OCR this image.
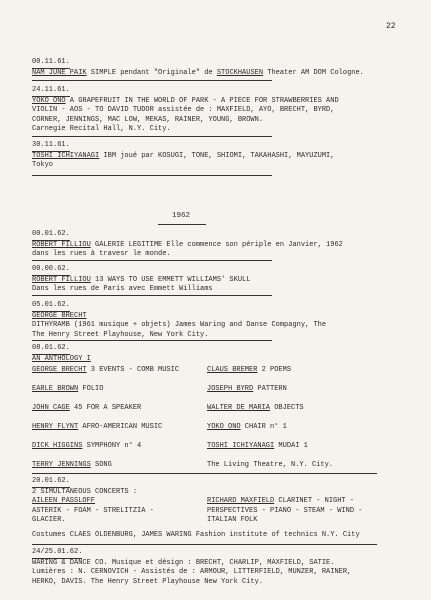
22

00.11.61.

NAM JUNE PAIK SIMPLE pendant "Originale" de STOCKHAUSEN Theater AM DOM Cologne.

24.11.61.

YOKO ONO A GRAPEFRUIT IN THE WORLD OF PARK - A PIECE FOR STRAWBERRIES AND

VIOLIN - AOS - TO DAVID TUDOR assistée de : MAXFIELD, AYO, BRECHT, BYRD,

CORNER, JENNINGS, MAC LOW, MEKAS, RAINER, YOUNG, BROWN.

Carnegie Recital Hall, N.Y. City.

30.11.61.

TOSHI ICHIYANAGI IBM joué par KOSUGI, TONE, SHIOMI, TAKAHASHI, MAYUZUMI,

Tokyo

1962

00.01.62.

ROBERT FILLIOU GALERIE LEGITIME Elle commence son périple en Janvier, 1962

dans les rues à travesr le monde.

00.00.62.

ROBERT FILLIOU 13 WAYS TO USE EMMETT WILLIAMS' SKULL

Dans les rues de Paris avec Emmett Williams

05.01.62.

GEORGE BRECHT

DITHYRAMB (1961 musique + objets) James Waring and Danse Compagny, The

The Henry Street Playhouse, New York City.

08.01.62.

AN ANTHOLOGY I

GEORGE BRECHT 3 EVENTS - COMB MUSIC
EARLE BROWN FOLIO
JOHN CAGE 45 FOR A SPEAKER
HENRY FLYNT AFRO-AMERICAN MUSIC
DICK HIGGINS SYMPHONY n° 4
TERRY JENNINGS SONG
CLAUS BREMER 2 POEMS
JOSEPH BYRD PATTERN
WALTER DE MARIA OBJECTS
YOKO ONO CHAIR n° 1
TOSHI ICHIYANAGI MUDAI 1
The Living Theatre, N.Y. City.

20.01.62.

2 SIMULTANEOUS CONCERTS :

AILEEN PASSLOFF

ASTERIK - FOAM - STRELITZIA -

GLACIER.

RICHARD MAXFIELD CLARINET - NIGHT -

PERSPECTIVES - PIANO - STEAM - WIND -

ITALIAN FOLK

Costumes CLAES OLDENBURG, JAMES WARING Fashion institute of technics N.Y. City

24/25.01.62.

WARING & DANCE CO. Musique et désign : BRECHT, CHARLIP, MAXFIELD, SATIE.

Lumières : N. CERNOVICH - Assistés de : ARMOUR, LITTERFIELD, MUNZER, RAINER,

HERKO, DAVIS. The Henry Street Playhouse New York City.
